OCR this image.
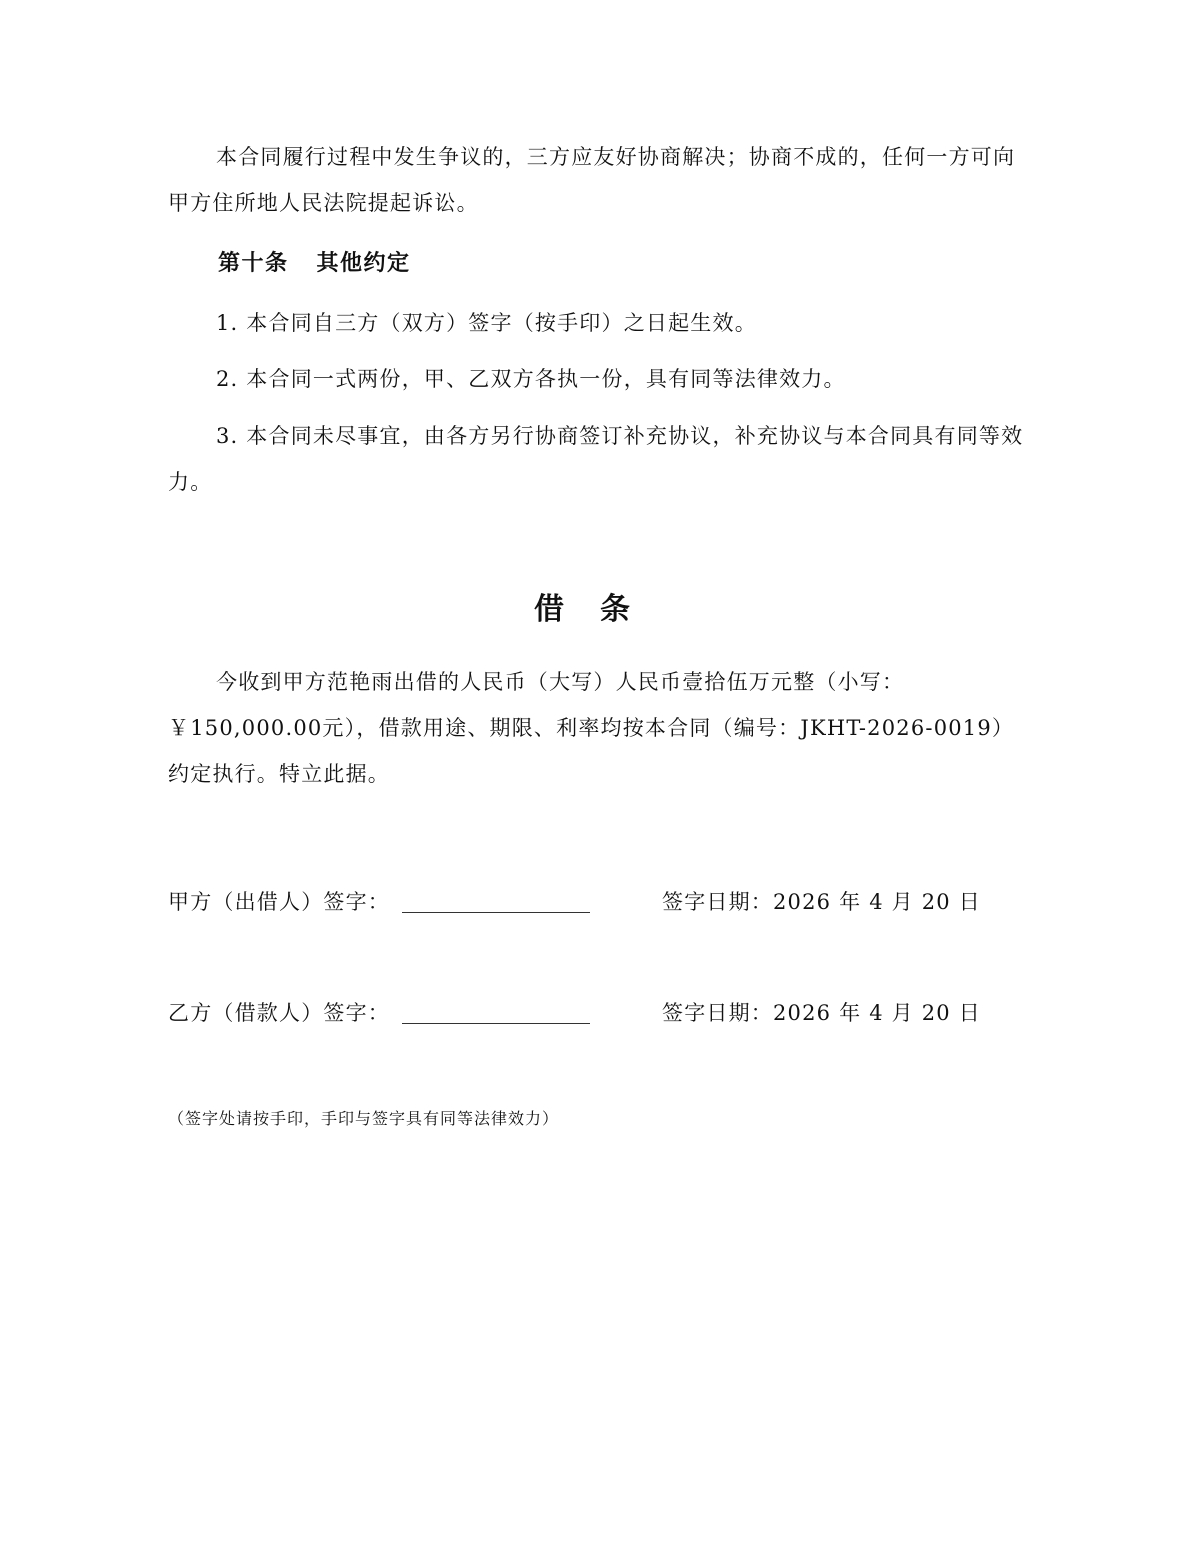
本合同履行过程中发生争议的，三方应友好协商解决；协商不成的，任何一方可向甲方住所地人民法院提起诉讼。

第十条 其他约定

1. 本合同自三方（双方）签字（按手印）之日起生效。

2. 本合同一式两份，甲、乙双方各执一份，具有同等法律效力。

3. 本合同未尽事宜，由各方另行协商签订补充协议，补充协议与本合同具有同等效力。

借条

今收到甲方范艳雨出借的人民币（大写）人民币壹拾伍万元整（小写：￥150,000.00元），借款用途、期限、利率均按本合同（编号：JKHT-2026-0019）约定执行。特立此据。

甲方（出借人）签字：	签字日期：2026 年 4 月 20 日
乙方（借款人）签字：	签字日期：2026 年 4 月 20 日

（签字处请按手印，手印与签字具有同等法律效力）
